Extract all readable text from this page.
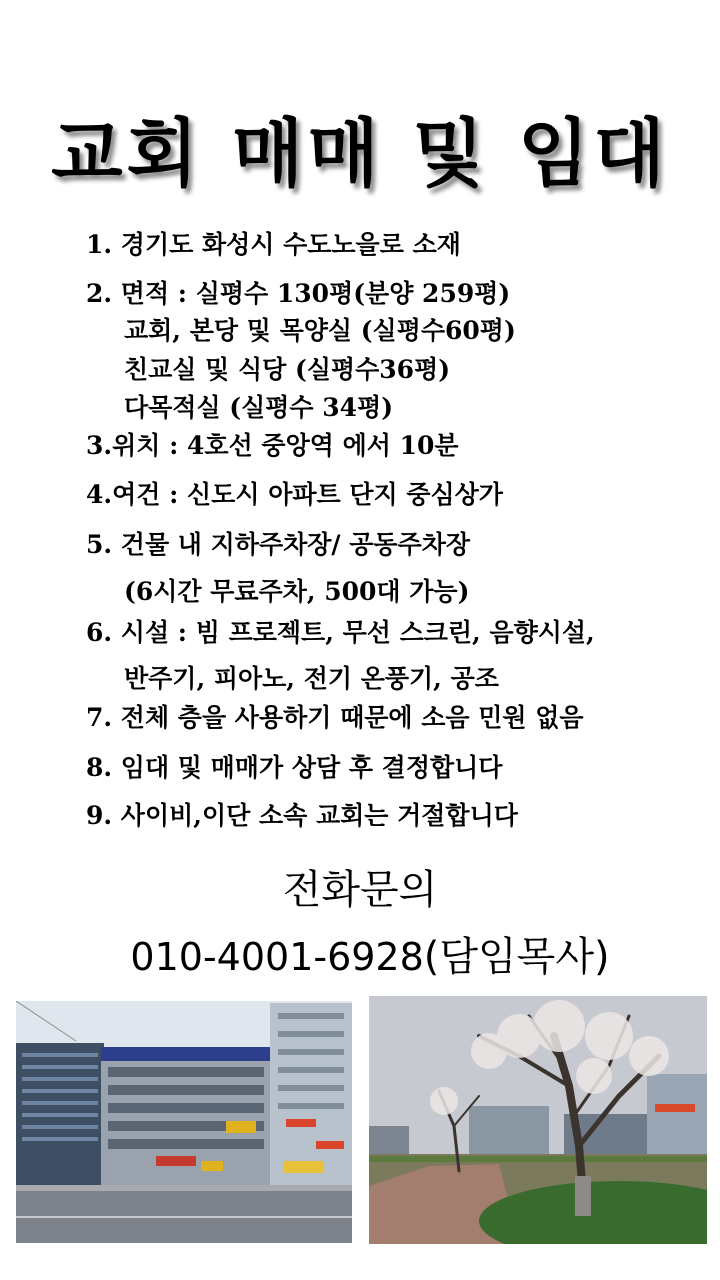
교회 매매 및 임대
1. 경기도 화성시 수도노을로 소재
2. 면적 : 실평수 130평(분양 259평)
교회, 본당 및 목양실 (실평수60평)
친교실 및 식당 (실평수36평)
다목적실 (실평수 34평)
3.위치 : 4호선 중앙역 에서 10분
4.여건 : 신도시 아파트 단지 중심상가
5. 건물 내 지하주차장/ 공동주차장
(6시간 무료주차, 500대 가능)
6. 시설 : 빔 프로젝트, 무선 스크린, 음향시설,
반주기, 피아노, 전기 온풍기, 공조
7. 전체 층을 사용하기 때문에 소음 민원 없음
8. 임대 및 매매가 상담 후 결정합니다
9. 사이비,이단 소속 교회는 거절합니다
전화문의
010-4001-6928(담임목사)
